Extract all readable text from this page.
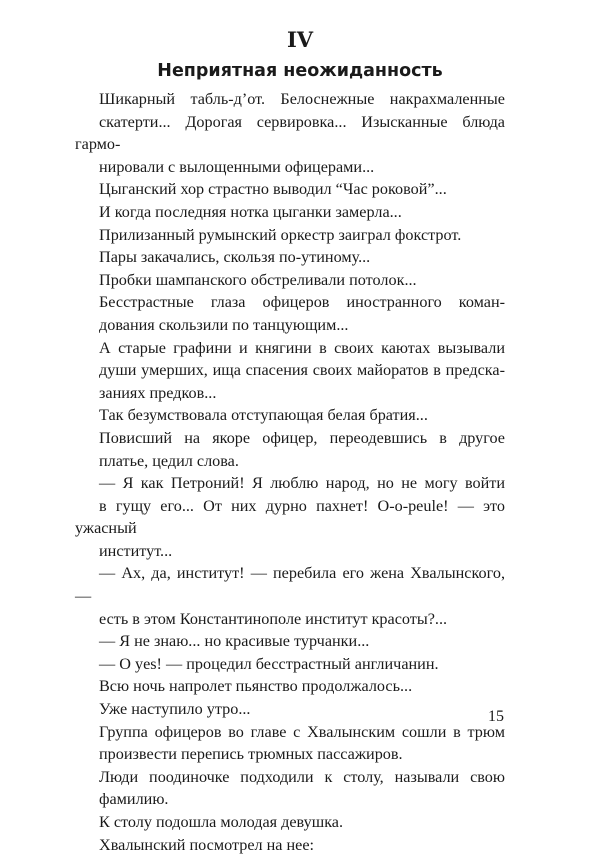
IV
Неприятная неожиданность
Шикарный табль-д’от. Белоснежные накрахмаленные
скатерти... Дорогая сервировка... Изысканные блюда гармо-
нировали с вылощенными офицерами...
Цыганский хор страстно выводил “Час роковой”...
И когда последняя нотка цыганки замерла...
Прилизанный румынский оркестр заиграл фокстрот.
Пары закачались, скользя по-утиному...
Пробки шампанского обстреливали потолок...
Бесстрастные глаза офицеров иностранного коман-
дования скользили по танцующим...
А старые графини и княгини в своих каютах вызывали
души умерших, ища спасения своих майоратов в предска-
заниях предков...
Так безумствовала отступающая белая братия...
Повисший на якоре офицер, переодевшись в другое
платье, цедил слова.
— Я как Петроний! Я люблю народ, но не могу войти
в гущу его... От них дурно пахнет! О-о-peule! — это ужасный
институт...
— Ах, да, институт! — перебила его жена Хвалынского, —
есть в этом Константинополе институт красоты?...
— Я не знаю... но красивые турчанки...
— О yes! — процедил бесстрастный англичанин.
Всю ночь напролет пьянство продолжалось...
Уже наступило утро...
Группа офицеров во главе с Хвалынским сошли в трюм
произвести перепись трюмных пассажиров.
Люди поодиночке подходили к столу, называли свою
фамилию.
К столу подошла молодая девушка.
Хвалынский посмотрел на нее:
15
